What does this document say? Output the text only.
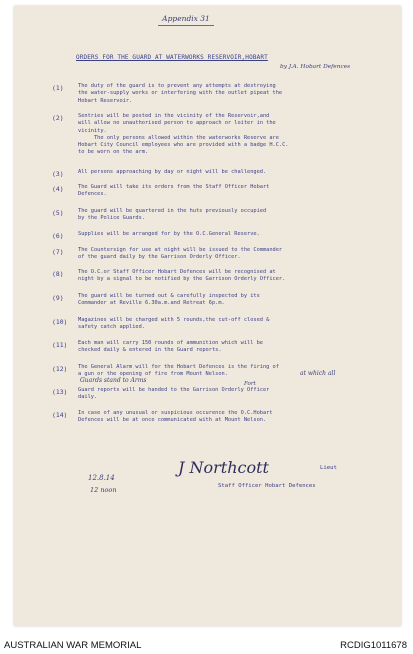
Appendix 31
ORDERS FOR THE GUARD AT WATERWORKS RESERVOIR,HOBART
by J.A. Hobart Defences
(1)	The duty of the guard is to prevent any attempts at destroying
the water-supply works or interfering with the outlet pipeat the
Hobart Reservoir.
(2)	Sentries will be posted in the vicinity of the Reservoir,and
will allow no unauthorised person to approach or loiter in the
vicinity.
The only persons allowed within the waterworks Reserve are
Hobart City Council employees who are provided with a badge H.C.C.
to be worn on the arm.
(3)	All persons approaching by day or night will be challenged.
(4)	The Guard will take its orders from the Staff Officer Hobart
Defences.
(5)	The guard will be quartered in the huts previously occupied
by the Police Guards.
(6)	Supplies will be arranged for by the O.C.General Reserve.
(7)	The Countersign for use at night will be issued to the Commander
of the guard daily by the Garrison Orderly Officer.
(8)	The O.C.or Staff Officer Hobart Defences will be recognised at
night by a signal to be notified by the Garrison Orderly Officer.
(9)	The guard will be turned out & carefully inspected by its
Commander at Reville 6.30a.m.and Retreat 6p.m.
(10)	Magazines will be charged with 5 rounds,the cut-off closed &
safety catch applied.
(11)	Each man will carry 150 rounds of ammunition which will be
checked daily & entered in the Guard reports.
(12)	The General Alarm will for the Hobart Defences is the firing of
a gun or the opening of fire from Mount Nelson.	at which all
Guards stand to Arms	Fort
(13)	Guard reports will be handed to the Garrison Orderly Officer
daily.
(14)	In case of any unusual or suspicious occurence the O.C.Hobart
Defences will be at once communicated with at Mount Nelson.
12.8.14
12 noon
J Northcott	Lieut
Staff Officer Hobart Defences
AUSTRALIAN WAR MEMORIAL	RCDIG1011678
